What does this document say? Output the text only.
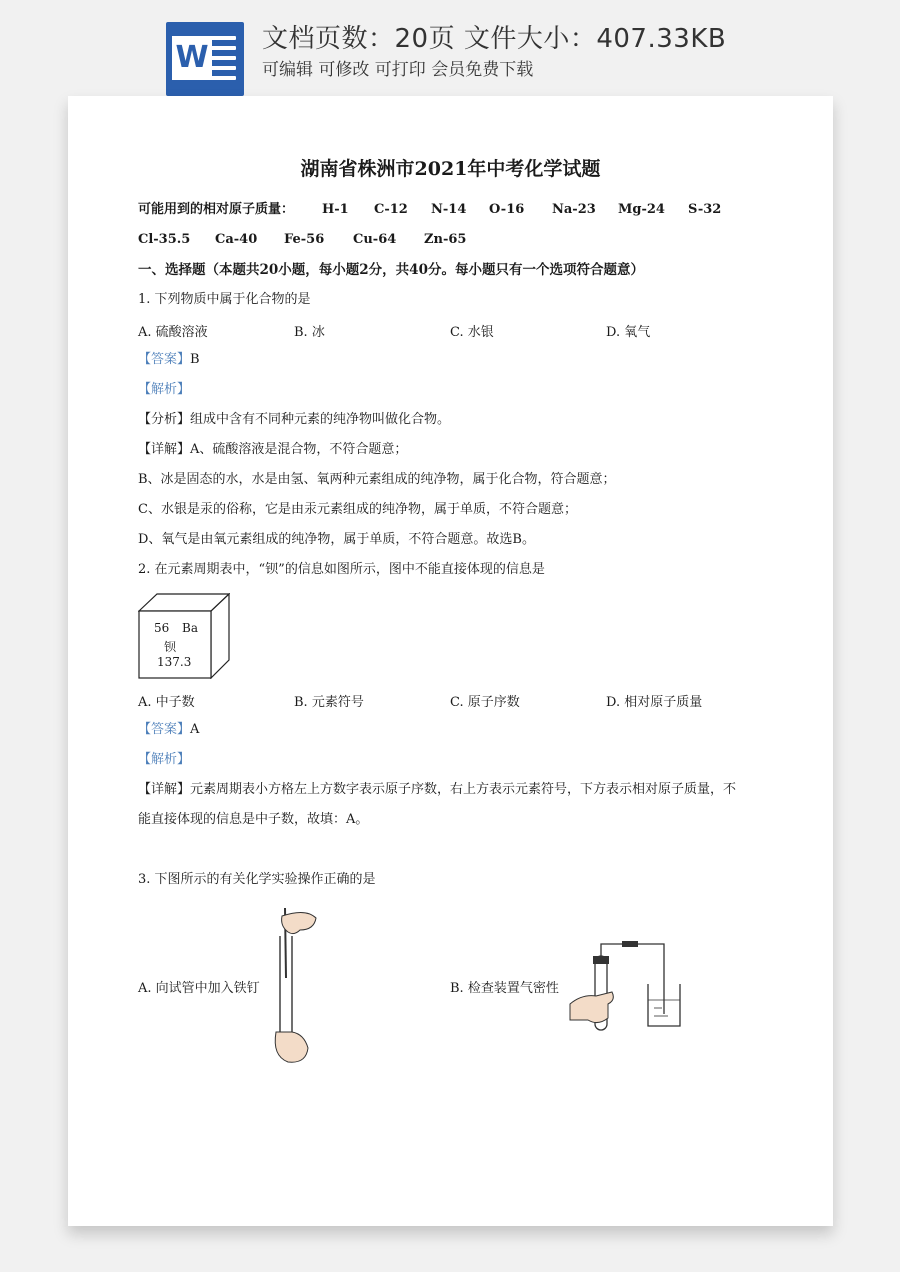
W
文档页数：20页 文件大小：407.33KB
可编辑 可修改 可打印 会员免费下载
湖南省株洲市2021年中考化学试题
可能用到的相对原子质量： H-1 C-12 N-14 O-16 Na-23 Mg-24 S-32
Cl-35.5 Ca-40 Fe-56 Cu-64 Zn-65
一、选择题（本题共20小题，每小题2分，共40分。每小题只有一个选项符合题意）
1. 下列物质中属于化合物的是
A. 硫酸溶液	B. 冰	C. 水银	D. 氧气
【答案】B
【解析】
【分析】组成中含有不同种元素的纯净物叫做化合物。
【详解】A、硫酸溶液是混合物，不符合题意；
B、冰是固态的水，水是由氢、氧两种元素组成的纯净物，属于化合物，符合题意；
C、水银是汞的俗称，它是由汞元素组成的纯净物，属于单质，不符合题意；
D、氧气是由氧元素组成的纯净物，属于单质，不符合题意。故选B。
2. 在元素周期表中，“钡”的信息如图所示，图中不能直接体现的信息是
56 Ba
钡
137.3
A. 中子数	B. 元素符号	C. 原子序数	D. 相对原子质量
【答案】A
【解析】
【详解】元素周期表小方格左上方数字表示原子序数，右上方表示元素符号，下方表示相对原子质量，不
能直接体现的信息是中子数，故填：A。
3. 下图所示的有关化学实验操作正确的是
A. 向试管中加入铁钉	B. 检查装置气密性
